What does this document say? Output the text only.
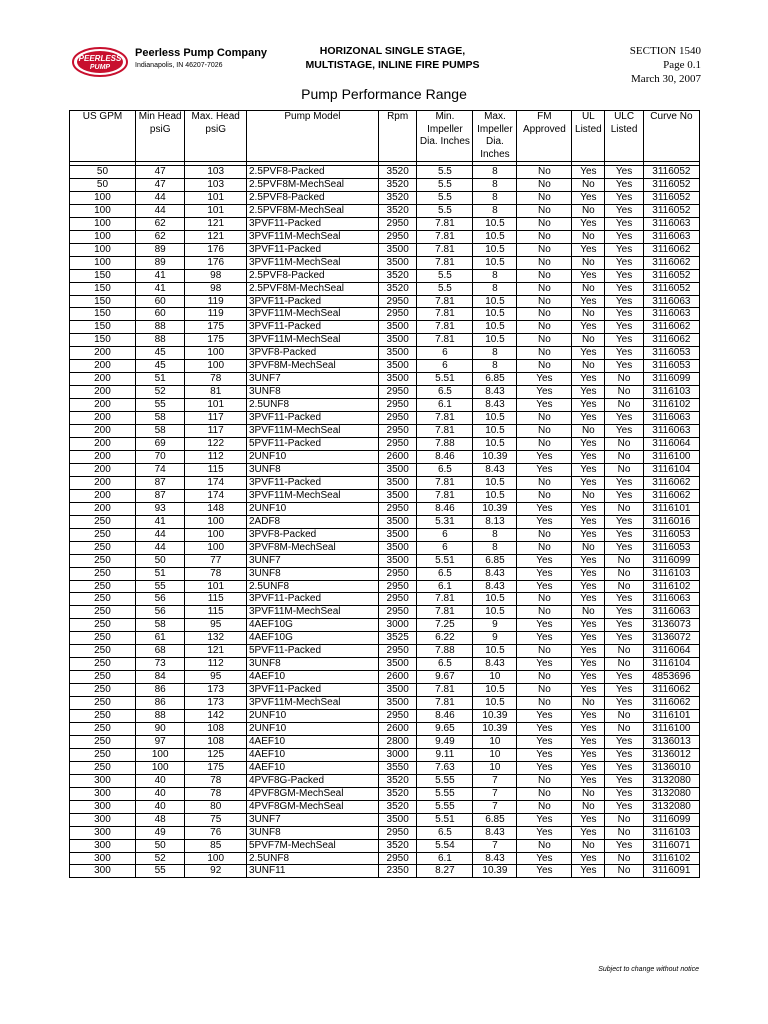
PEERLESS
PUMP
Peerless Pump Company
Indianapolis, IN 46207-7026
HORIZONAL SINGLE STAGE,
MULTISTAGE, INLINE FIRE PUMPS
SECTION 1540
Page 0.1
March 30, 2007
Pump Performance Range
US GPM	Min Head psiG	Max. Head psiG	Pump Model	Rpm	Min. Impeller Dia. Inches	Max. Impeller Dia. Inches	FM Approved	UL Listed	ULC Listed	Curve No

50	47	103	2.5PVF8-Packed	3520	5.5	8	No	Yes	Yes	3116052
50	47	103	2.5PVF8M-MechSeal	3520	5.5	8	No	No	Yes	3116052
100	44	101	2.5PVF8-Packed	3520	5.5	8	No	Yes	Yes	3116052
100	44	101	2.5PVF8M-MechSeal	3520	5.5	8	No	No	Yes	3116052
100	62	121	3PVF11-Packed	2950	7.81	10.5	No	Yes	Yes	3116063
100	62	121	3PVF11M-MechSeal	2950	7.81	10.5	No	No	Yes	3116063
100	89	176	3PVF11-Packed	3500	7.81	10.5	No	Yes	Yes	3116062
100	89	176	3PVF11M-MechSeal	3500	7.81	10.5	No	No	Yes	3116062
150	41	98	2.5PVF8-Packed	3520	5.5	8	No	Yes	Yes	3116052
150	41	98	2.5PVF8M-MechSeal	3520	5.5	8	No	No	Yes	3116052
150	60	119	3PVF11-Packed	2950	7.81	10.5	No	Yes	Yes	3116063
150	60	119	3PVF11M-MechSeal	2950	7.81	10.5	No	No	Yes	3116063
150	88	175	3PVF11-Packed	3500	7.81	10.5	No	Yes	Yes	3116062
150	88	175	3PVF11M-MechSeal	3500	7.81	10.5	No	No	Yes	3116062
200	45	100	3PVF8-Packed	3500	6	8	No	Yes	Yes	3116053
200	45	100	3PVF8M-MechSeal	3500	6	8	No	No	Yes	3116053
200	51	78	3UNF7	3500	5.51	6.85	Yes	Yes	No	3116099
200	52	81	3UNF8	2950	6.5	8.43	Yes	Yes	No	3116103
200	55	101	2.5UNF8	2950	6.1	8.43	Yes	Yes	No	3116102
200	58	117	3PVF11-Packed	2950	7.81	10.5	No	Yes	Yes	3116063
200	58	117	3PVF11M-MechSeal	2950	7.81	10.5	No	No	Yes	3116063
200	69	122	5PVF11-Packed	2950	7.88	10.5	No	Yes	No	3116064
200	70	112	2UNF10	2600	8.46	10.39	Yes	Yes	No	3116100
200	74	115	3UNF8	3500	6.5	8.43	Yes	Yes	No	3116104
200	87	174	3PVF11-Packed	3500	7.81	10.5	No	Yes	Yes	3116062
200	87	174	3PVF11M-MechSeal	3500	7.81	10.5	No	No	Yes	3116062
200	93	148	2UNF10	2950	8.46	10.39	Yes	Yes	No	3116101
250	41	100	2ADF8	3500	5.31	8.13	Yes	Yes	Yes	3116016
250	44	100	3PVF8-Packed	3500	6	8	No	Yes	Yes	3116053
250	44	100	3PVF8M-MechSeal	3500	6	8	No	No	Yes	3116053
250	50	77	3UNF7	3500	5.51	6.85	Yes	Yes	No	3116099
250	51	78	3UNF8	2950	6.5	8.43	Yes	Yes	No	3116103
250	55	101	2.5UNF8	2950	6.1	8.43	Yes	Yes	No	3116102
250	56	115	3PVF11-Packed	2950	7.81	10.5	No	Yes	Yes	3116063
250	56	115	3PVF11M-MechSeal	2950	7.81	10.5	No	No	Yes	3116063
250	58	95	4AEF10G	3000	7.25	9	Yes	Yes	Yes	3136073
250	61	132	4AEF10G	3525	6.22	9	Yes	Yes	Yes	3136072
250	68	121	5PVF11-Packed	2950	7.88	10.5	No	Yes	No	3116064
250	73	112	3UNF8	3500	6.5	8.43	Yes	Yes	No	3116104
250	84	95	4AEF10	2600	9.67	10	No	Yes	Yes	4853696
250	86	173	3PVF11-Packed	3500	7.81	10.5	No	Yes	Yes	3116062
250	86	173	3PVF11M-MechSeal	3500	7.81	10.5	No	No	Yes	3116062
250	88	142	2UNF10	2950	8.46	10.39	Yes	Yes	No	3116101
250	90	108	2UNF10	2600	9.65	10.39	Yes	Yes	No	3116100
250	97	108	4AEF10	2800	9.49	10	Yes	Yes	Yes	3136013
250	100	125	4AEF10	3000	9.11	10	Yes	Yes	Yes	3136012
250	100	175	4AEF10	3550	7.63	10	Yes	Yes	Yes	3136010
300	40	78	4PVF8G-Packed	3520	5.55	7	No	Yes	Yes	3132080
300	40	78	4PVF8GM-MechSeal	3520	5.55	7	No	No	Yes	3132080
300	40	80	4PVF8GM-MechSeal	3520	5.55	7	No	No	Yes	3132080
300	48	75	3UNF7	3500	5.51	6.85	Yes	Yes	No	3116099
300	49	76	3UNF8	2950	6.5	8.43	Yes	Yes	No	3116103
300	50	85	5PVF7M-MechSeal	3520	5.54	7	No	No	Yes	3116071
300	52	100	2.5UNF8	2950	6.1	8.43	Yes	Yes	No	3116102
300	55	92	3UNF11	2350	8.27	10.39	Yes	Yes	No	3116091
Subject to change without notice
